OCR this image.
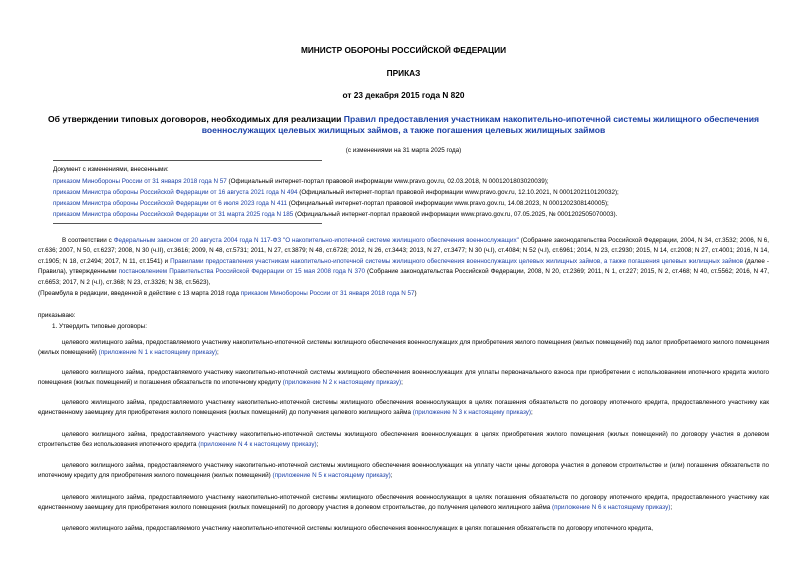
МИНИСТР ОБОРОНЫ РОССИЙСКОЙ ФЕДЕРАЦИИ
ПРИКАЗ
от 23 декабря 2015 года N 820
Об утверждении типовых договоров, необходимых для реализации Правил предоставления участникам накопительно-ипотечной системы жилищного обеспечения военнослужащих целевых жилищных займов, а также погашения целевых жилищных займов
(с изменениями на 31 марта 2025 года)
Документ с изменениями, внесенными:
приказом Минобороны России от 31 января 2018 года N 57 (Официальный интернет-портал правовой информации www.pravo.gov.ru, 02.03.2018, N 0001201803020039);
приказом Министра обороны Российской Федерации от 16 августа 2021 года N 494 (Официальный интернет-портал правовой информации www.pravo.gov.ru, 12.10.2021, N 0001202110120032);
приказом Министра обороны Российской Федерации от 6 июля 2023 года N 411 (Официальный интернет-портал правовой информации www.pravo.gov.ru, 14.08.2023, N 0001202308140005);
приказом Министра обороны Российской Федерации от 31 марта 2025 года N 185 (Официальный интернет-портал правовой информации www.pravo.gov.ru, 07.05.2025, № 0001202505070003).
В соответствии с Федеральным законом от 20 августа 2004 года N 117-ФЗ "О накопительно-ипотечной системе жилищного обеспечения военнослужащих" (Собрание законодательства Российской Федерации, 2004, N 34, ст.3532; 2006, N 6, ст.636; 2007, N 50, ст.6237; 2008, N 30 (ч.II), ст.3616; 2009, N 48, ст.5731; 2011, N 27, ст.3879; N 48, ст.6728; 2012, N 26, ст.3443; 2013, N 27, ст.3477; N 30 (ч.I), ст.4084; N 52 (ч.I), ст.6961; 2014, N 23, ст.2930; 2015, N 14, ст.2008; N 27, ст.4001; 2016, N 14, ст.1905; N 18, ст.2494; 2017, N 11, ст.1541) и Правилами предоставления участникам накопительно-ипотечной системы жилищного обеспечения военнослужащих целевых жилищных займов, а также погашения целевых жилищных займов (далее - Правила), утвержденными постановлением Правительства Российской Федерации от 15 мая 2008 года N 370 (Собрание законодательства Российской Федерации, 2008, N 20, ст.2369; 2011, N 1, ст.227; 2015, N 2, ст.468; N 40, ст.5562; 2016, N 47, ст.6653; 2017, N 2 (ч.I), ст.368; N 23, ст.3326; N 38, ст.5623),
(Преамбула в редакции, введенной в действие с 13 марта 2018 года приказом Минобороны России от 31 января 2018 года N 57)
приказываю:
1. Утвердить типовые договоры:
целевого жилищного займа, предоставляемого участнику накопительно-ипотечной системы жилищного обеспечения военнослужащих для приобретения жилого помещения (жилых помещений) под залог приобретаемого жилого помещения (жилых помещений) (приложение N 1 к настоящему приказу);
целевого жилищного займа, предоставляемого участнику накопительно-ипотечной системы жилищного обеспечения военнослужащих для уплаты первоначального взноса при приобретении с использованием ипотечного кредита жилого помещения (жилых помещений) и погашения обязательств по ипотечному кредиту (приложение N 2 к настоящему приказу);
целевого жилищного займа, предоставляемого участнику накопительно-ипотечной системы жилищного обеспечения военнослужащих в целях погашения обязательств по договору ипотечного кредита, предоставленного участнику как единственному заемщику для приобретения жилого помещения (жилых помещений) до получения целевого жилищного займа (приложение N 3 к настоящему приказу);
целевого жилищного займа, предоставляемого участнику накопительно-ипотечной системы жилищного обеспечения военнослужащих в целях приобретения жилого помещения (жилых помещений) по договору участия в долевом строительстве без использования ипотечного кредита (приложение N 4 к настоящему приказу);
целевого жилищного займа, предоставляемого участнику накопительно-ипотечной системы жилищного обеспечения военнослужащих на уплату части цены договора участия в долевом строительстве и (или) погашения обязательств по ипотечному кредиту для приобретения жилого помещения (жилых помещений) (приложение N 5 к настоящему приказу);
целевого жилищного займа, предоставляемого участнику накопительно-ипотечной системы жилищного обеспечения военнослужащих в целях погашения обязательств по договору ипотечного кредита, предоставленного участнику как единственному заемщику для приобретения жилого помещения (жилых помещений) по договору участия в долевом строительстве, до получения целевого жилищного займа (приложение N 6 к настоящему приказу);
целевого жилищного займа, предоставляемого участнику накопительно-ипотечной системы жилищного обеспечения военнослужащих в целях погашения обязательств по договору ипотечного кредита,
